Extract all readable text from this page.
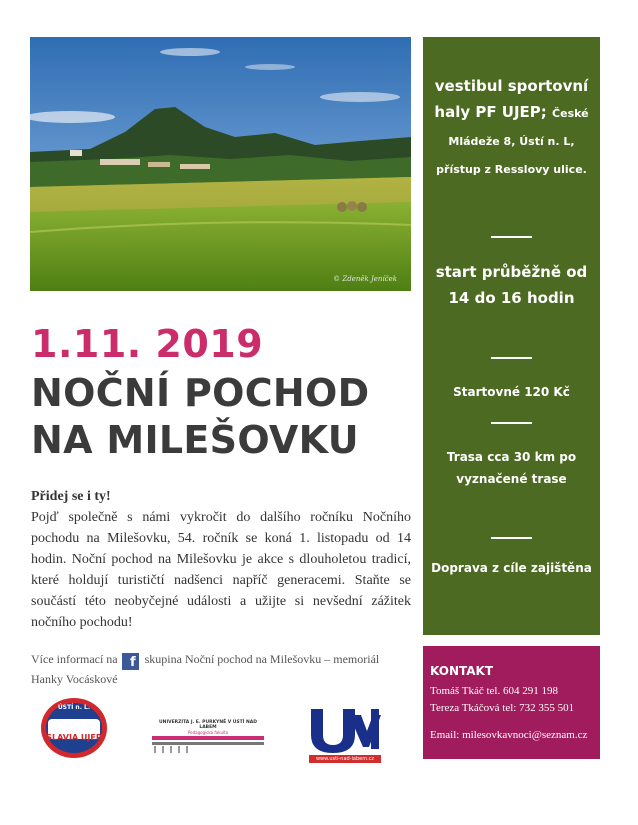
© Zdeněk Jeníček
1.11. 2019
NOČNÍ POCHOD
NA MILEŠOVKU
Přidej se i ty!

Pojď společně s námi vykročit do dalšího ročníku Nočního pochodu na Milešovku, 54. ročník se koná 1. listopadu od 14 hodin. Noční pochod na Milešovku je akce s dlouholetou tradicí, které holdují turističtí nadšenci napříč generacemi. Staňte se součástí této neobyčejné události a užijte si nevšední zážitek nočního pochodu!

Více informací na f skupina Noční pochod na Milešovku – memoriál Hanky Vocáskové
vestibul sportovní haly PF UJEP; České Mládeže 8, Ústí n. L, přístup z Resslovy ulice.
start průběžně od 14 do 16 hodin
Startovné 120 Kč
Trasa cca 30 km po vyznačené trase
Doprava z cíle zajištěna
KONTAKT
Tomáš Tkáč tel. 604 291 198
Tereza Tkáčová tel: 732 355 501
Email: milesovkavnoci@seznam.cz
ÚSTÍ n. L.
SLAVIA UJEP
UNIVERZITA J. E. PURKYNĚ V ÚSTÍ NAD LABEM
Pedagogická fakulta
www.usti-nad-labem.cz
